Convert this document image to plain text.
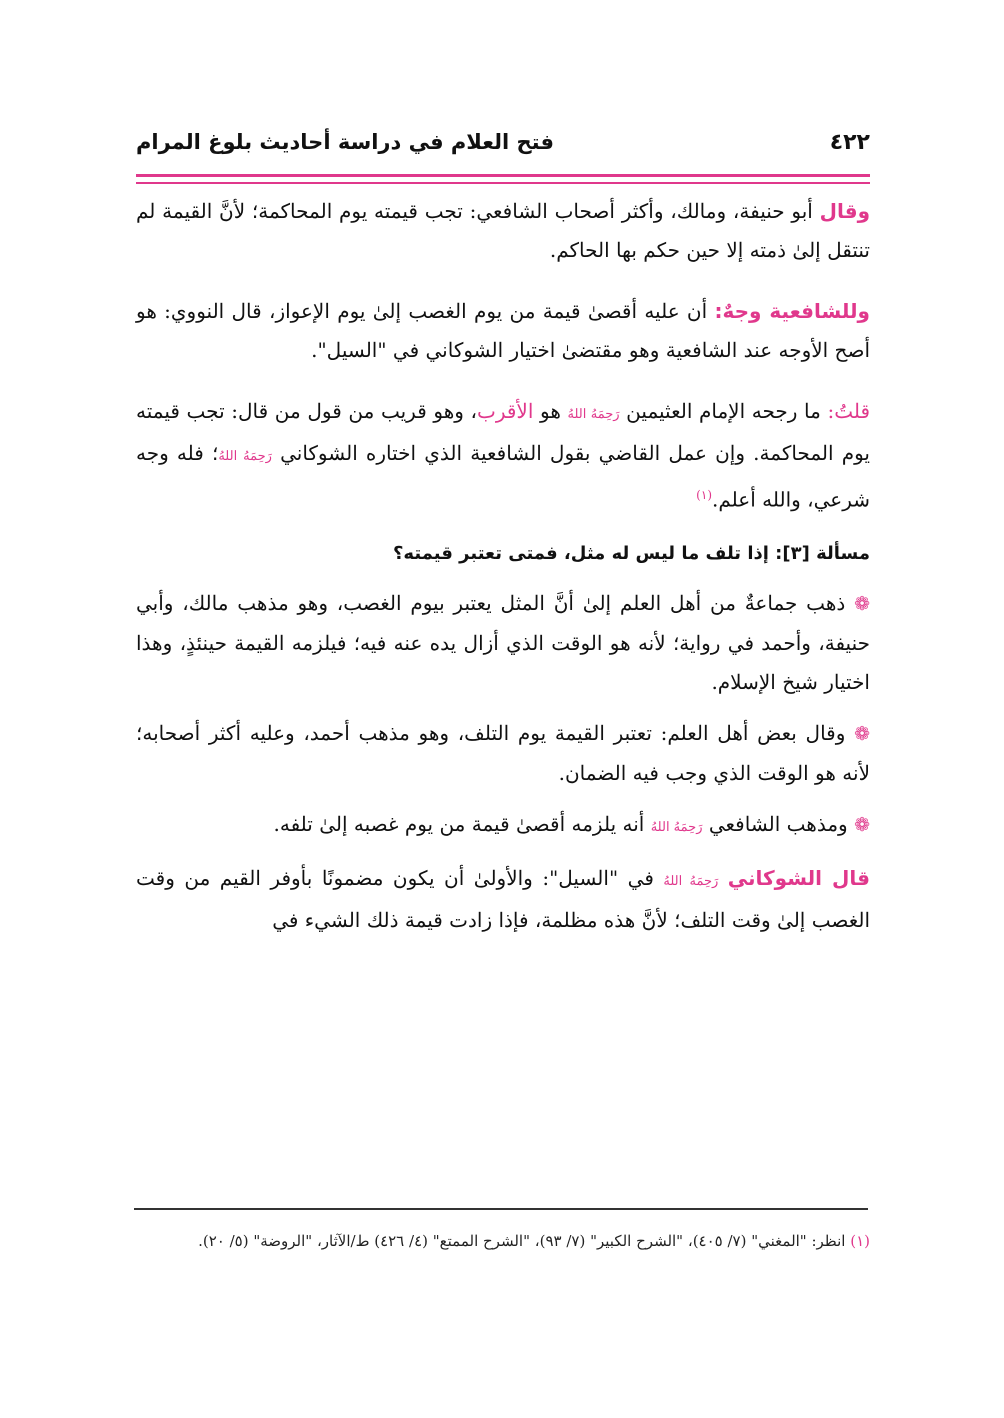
٤٢٢
فتح العلام في دراسة أحاديث بلوغ المرام

وقال أبو حنيفة، ومالك، وأكثر أصحاب الشافعي: تجب قيمته يوم المحاكمة؛ لأنَّ القيمة لم تنتقل إلىٰ ذمته إلا حين حكم بها الحاكم.

وللشافعية وجهٌ: أن عليه أقصىٰ قيمة من يوم الغصب إلىٰ يوم الإعواز، قال النووي: هو أصح الأوجه عند الشافعية وهو مقتضىٰ اختيار الشوكاني في "السيل".

قلتُ: ما رجحه الإمام العثيمين رَحِمَهُ اللهُ هو الأقرب، وهو قريب من قول من قال: تجب قيمته يوم المحاكمة. وإن عمل القاضي بقول الشافعية الذي اختاره الشوكاني رَحِمَهُ اللهُ؛ فله وجه شرعي، والله أعلم.$^{(١)}$

مسألة [٣]: إذا تلف ما ليس له مثل، فمتى تعتبر قيمته؟

❁ ذهب جماعةٌ من أهل العلم إلىٰ أنَّ المثل يعتبر بيوم الغصب، وهو مذهب مالك، وأبي حنيفة، وأحمد في رواية؛ لأنه هو الوقت الذي أزال يده عنه فيه؛ فيلزمه القيمة حينئذٍ، وهذا اختيار شيخ الإسلام.

❁ وقال بعض أهل العلم: تعتبر القيمة يوم التلف، وهو مذهب أحمد، وعليه أكثر أصحابه؛ لأنه هو الوقت الذي وجب فيه الضمان.

❁ ومذهب الشافعي رَحِمَهُ اللهُ أنه يلزمه أقصىٰ قيمة من يوم غصبه إلىٰ تلفه.

قال الشوكاني رَحِمَهُ اللهُ في "السيل": والأولىٰ أن يكون مضمونًا بأوفر القيم من وقت الغصب إلىٰ وقت التلف؛ لأنَّ هذه مظلمة، فإذا زادت قيمة ذلك الشيء في

(١) انظر: "المغني" (٧/ ٤٠٥)، "الشرح الكبير" (٧/ ٩٣)، "الشرح الممتع" (٤/ ٤٢٦) ط/الآثار، "الروضة" (٥/ ٢٠).
